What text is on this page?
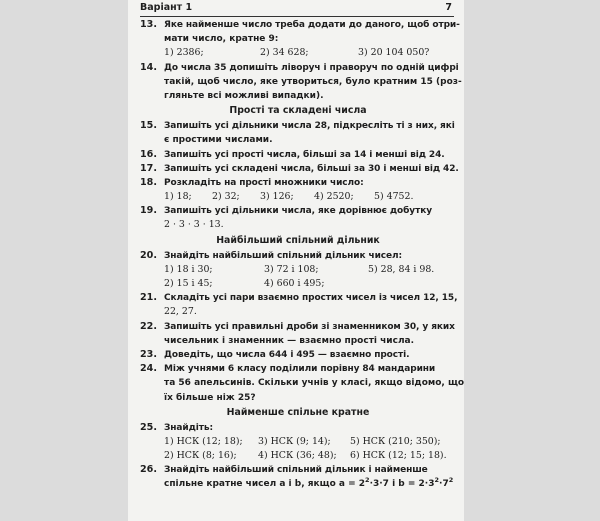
Варіант 1	7
13. Яке найменше число треба додати до даного, щоб отри-
мати число, кратне 9:
1) 2386;	2) 34 628;	3) 20 104 050?
14. До числа 35 допишіть ліворуч і праворуч по одній цифрі
такій, щоб число, яке утвориться, було кратним 15 (роз-
гляньте всі можливі випадки).
Прості та складені числа
15. Запишіть усі дільники числа 28, підкресліть ті з них, які
є простими числами.
16. Запишіть усі прості числа, більші за 14 і менші від 24.
17. Запишіть усі складені числа, більші за 30 і менші від 42.
18. Розкладіть на прості множники число:
1) 18; 2) 32; 3) 126; 4) 2520; 5) 4752.
19. Запишіть усі дільники числа, яке дорівнює добутку
2 · 3 · 3 · 13.
Найбільший спільний дільник
20. Знайдіть найбільший спільний дільник чисел:
1) 18 і 30;	3) 72 і 108;	5) 28, 84 і 98.
2) 15 і 45;	4) 660 і 495;
21. Складіть усі пари взаємно простих чисел із чисел 12, 15,
22, 27.
22. Запишіть усі правильні дроби зі знаменником 30, у яких
чисельник і знаменник — взаємно прості числа.
23. Доведіть, що числа 644 і 495 — взаємно прості.
24. Між учнями 6 класу поділили порівну 84 мандарини
та 56 апельсинів. Скільки учнів у класі, якщо відомо, що
їх більше ніж 25?
Найменше спільне кратне
25. Знайдіть:
1) НСК (12; 18); 3) НСК (9; 14); 5) НСК (210; 350);
2) НСК (8; 16); 4) НСК (36; 48); 6) НСК (12; 15; 18).
26. Знайдіть найбільший спільний дільник і найменше
спільне кратне чисел a і b, якщо $a = 2^2\cdot 3\cdot 7$ і $b = 2\cdot 3^2\cdot 7^2$
